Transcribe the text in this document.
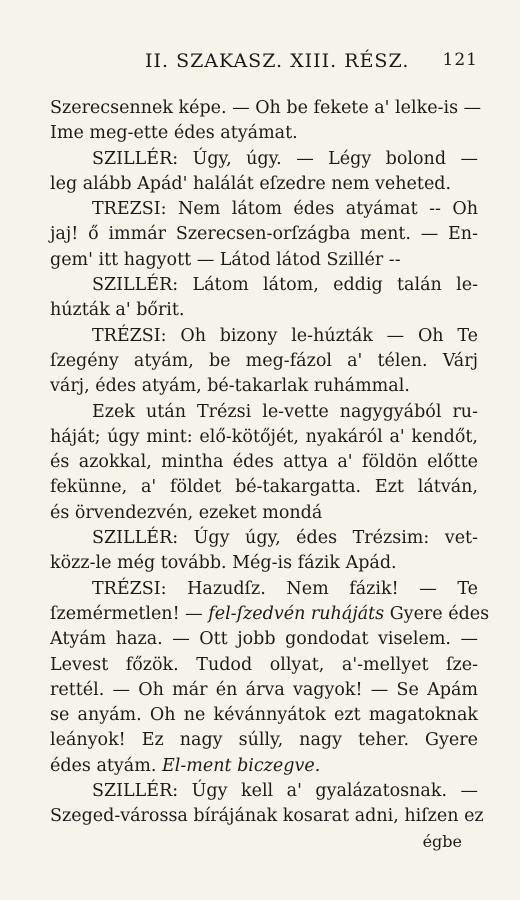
II. SZAKASZ. XIII. RÉSZ. 121
Szerecsennek képe. — Oh be fekete a' lelke-is —
Ime meg-ette édes atyámat.
SZILLÉR: Úgy, úgy. — Légy bolond —
leg alább Apád' halálát eſzedre nem veheted.
TREZSI: Nem látom édes atyámat -- Oh
jaj! ő immár Szerecsen-orſzágba ment. — En-
gem' itt hagyott — Látod látod Szillér --
SZILLÉR: Látom látom, eddig talán le-
húzták a' bőrit.
TRÉZSI: Oh bizony le-húzták — Oh Te
ſzegény atyám, be meg-fázol a' télen. Várj
várj, édes atyám, bé-takarlak ruhámmal.
Ezek után Trézsi le-vette nagygyából ru-
háját; úgy mint: elő-kötőjét, nyakáról a' kendőt,
és azokkal, mintha édes attya a' földön előtte
fekünne, a' földet bé-takargatta. Ezt látván,
és örvendezvén, ezeket mondá
SZILLÉR: Úgy úgy, édes Trézsim: vet-
közz-le még tovább. Még-is fázik Apád.
TRÉZSI: Hazudſz. Nem fázik! — Te
ſzemérmetlen! — fel-ſzedvén ruhájáts Gyere édes
Atyám haza. — Ott jobb gondodat viselem. —
Levest főzök. Tudod ollyat, a'-mellyet ſze-
rettél. — Oh már én árva vagyok! — Se Apám
se anyám. Oh ne kévánnyátok ezt magatoknak
leányok! Ez nagy súlly, nagy teher. Gyere
édes atyám. El-ment biczegve.
SZILLÉR: Úgy kell a' gyalázatosnak. —
Szeged-várossa bírájának kosarat adni, hiſzen ez
égbe
